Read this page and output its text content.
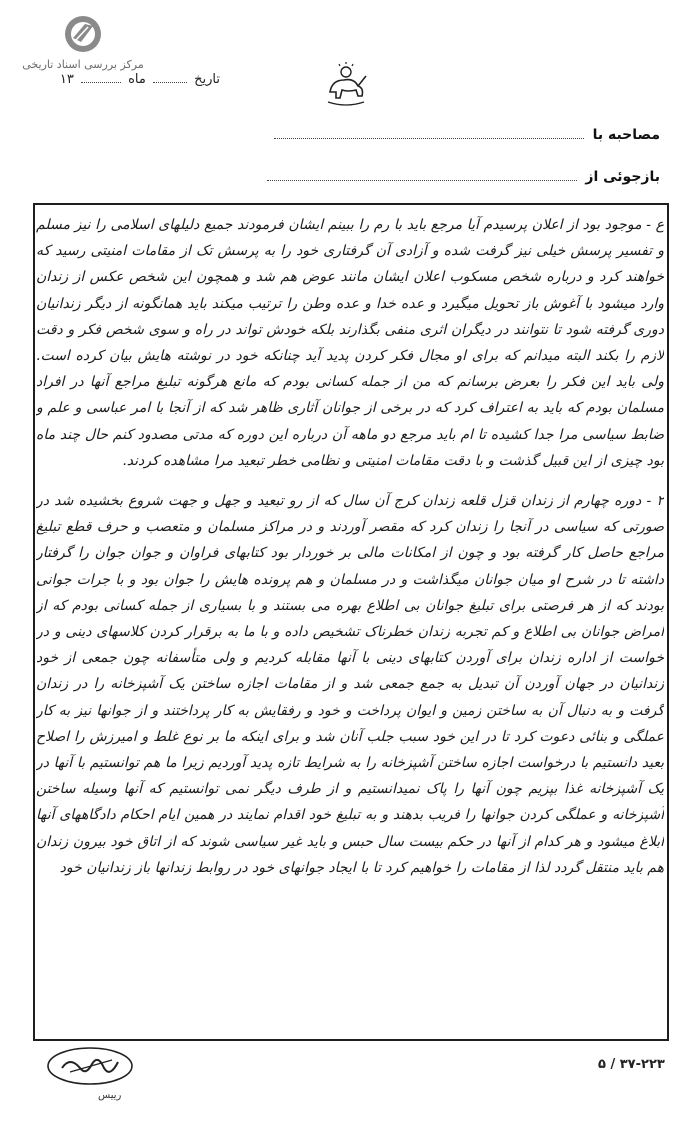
مرکز بررسی اسناد تاریخی
تاریخ  ماه  ۱۳
مصاحبه با
بازجوئی از

ع - موجود بود از اعلان پرسیدم آیا مرجع باید با رم را ببینم ایشان فرمودند جمیع دلیلهای اسلامی را نیز مسلم و تفسیر پرسش خیلی نیز گرفت شده و آزادی آن گرفتاری خود را به پرسش تک از مقامات امنیتی رسید که خواهند کرد و درباره شخص مسکوب اعلان ایشان مانند عوض هم شد و همچون این شخص عکس از زندان وارد میشود با آغوش باز تحویل میگیرد و عده خدا و عده وطن را ترتیب میکند باید همانگونه از دیگر زندانیان دوری گرفته شود تا نتوانند در دیگران اثری منفی بگذارند بلکه خودش تواند در راه و سوی شخص فکر و دقت لازم را بکند البته میدانم که برای او مجال فکر کردن پدید آید چنانکه خود در نوشته هایش بیان کرده است. ولی باید این فکر را بعرض برسانم که من از جمله کسانی بودم که مانع هرگونه تبلیغ مراجع آنها در افراد مسلمان بودم که باید به اعتراف کرد که در برخی از جوانان آثاری ظاهر شد که از آنجا با امر عباسی و علم و ضابط سیاسی مرا جدا کشیده تا ام باید مرجع دو ماهه آن درباره این دوره که مدتی مصدود کنم حال چند ماه بود چیزی از این قبیل گذشت و با دقت مقامات امنیتی و نظامی خطر تبعید مرا مشاهده کردند.

۲ - دوره چهارم از زندان قزل قلعه زندان کرج آن سال که از رو تبعید و جهل و جهت شروع بخشیده شد در صورتی که سیاسی در آنجا را زندان کرد که مقصر آوردند و در مراکز مسلمان و متعصب و حرف قطع تبلیغ مراجع حاصل کار گرفته بود و چون از امکانات مالی بر خوردار بود کتابهای فراوان و جوان جوان را گرفتار داشته تا در شرح او میان جوانان میگذاشت و در مسلمان و هم پرونده هایش را جوان بود و با جرات جوانی بودند که از هر فرصتی برای تبلیغ جوانان بی اطلاع بهره می بستند و با بسیاری از جمله کسانی بودم که از امراض جوانان بی اطلاع و کم تجربه زندان خطرناک تشخیص داده و با ما به برقرار کردن کلاسهای دینی و در خواست از اداره زندان برای آوردن کتابهای دینی با آنها مقابله کردیم و ولی متأسفانه چون جمعی از خود زندانیان در جهان آوردن آن تبدیل به جمع جمعی شد و از مقامات اجازه ساختن یک آشپزخانه را در زندان گرفت و به دنبال آن به ساختن زمین و ایوان پرداخت و خود و رفقایش به کار پرداختند و از جوانها نیز به کار عملگی و بنائی دعوت کرد تا در این خود سبب جلب آنان شد و برای اینکه ما بر نوع غلط و امیرزش را اصلاح بعید دانستیم با درخواست اجازه ساختن آشپزخانه را به شرایط تازه پدید آوردیم زیرا ما هم توانستیم با آنها در یک آشپزخانه غذا بپزیم چون آنها را پاک نمیدانستیم و از طرف دیگر نمی توانستیم که آنها وسیله ساختن آشپزخانه و عملگی کردن جوانها را فریب بدهند و به تبلیغ خود اقدام نمایند در همین ایام احکام دادگاههای آنها ابلاغ میشود و هر کدام از آنها در حکم بیست سال حبس و باید غیر سیاسی شوند که از اتاق خود بیرون زندان هم باید منتقل گردد لذا از مقامات را خواهیم کرد تا با ایجاد جوانهای خود در روابط زندانها باز زندانیان خود

رییس
۳۷-۲۲۳ / ۵
